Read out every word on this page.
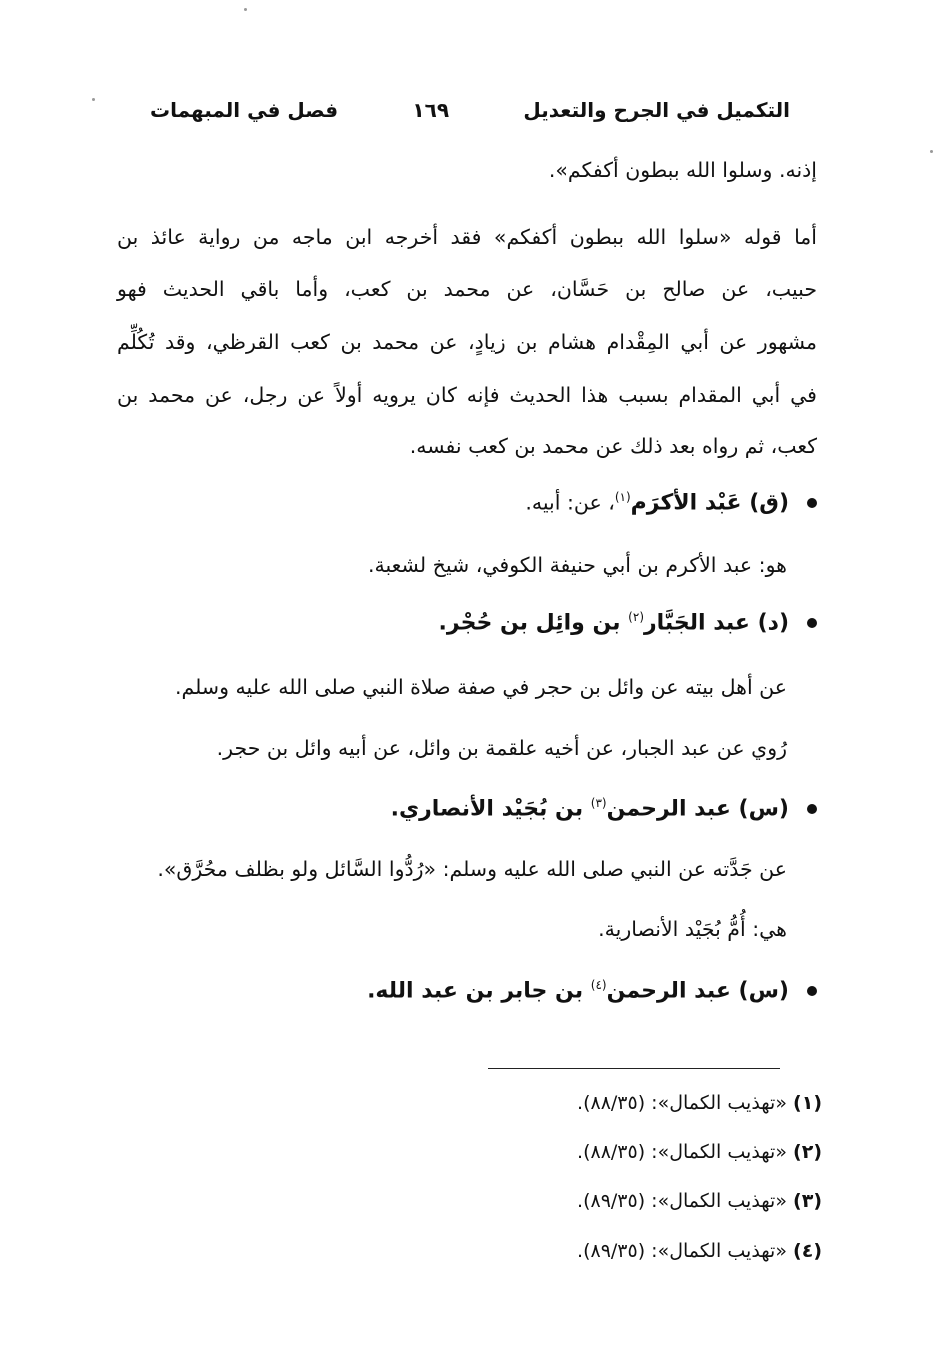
فصل في المبهمات	١٦٩	التكميل في الجرح والتعديل
إذنه. وسلوا الله ببطون أكفكم».
أما قوله «سلوا الله ببطون أكفكم» فقد أخرجه ابن ماجه من رواية عائذ بن
حبيب، عن صالح بن حَسَّان، عن محمد بن كعب، وأما باقي الحديث فهو
مشهور عن أبي المِقْدام هشام بن زيادٍ، عن محمد بن كعب القرظي، وقد تُكُلِّم
في أبي المقدام بسبب هذا الحديث فإنه كان يرويه أولاً عن رجل، عن محمد بن
كعب، ثم رواه بعد ذلك عن محمد بن كعب نفسه.
(ق) عَبْد الأكرَم$^{(١)}$، عن: أبيه.
هو: عبد الأكرم بن أبي حنيفة الكوفي، شيخ لشعبة.
(د) عبد الجَبَّار$^{(٢)}$ بن وائِل بن حُجْر.
عن أهل بيته عن وائل بن حجر في صفة صلاة النبي صلى الله عليه وسلم.
رُوي عن عبد الجبار، عن أخيه علقمة بن وائل، عن أبيه وائل بن حجر.
(س) عبد الرحمن$^{(٣)}$ بن بُجَيْد الأنصاري.
عن جَدَّته عن النبي صلى الله عليه وسلم: «رُدُّوا السَّائل ولو بظلف محُرَّق».
هي: أُمُّ بُجَيْد الأنصارية.
(س) عبد الرحمن$^{(٤)}$ بن جابر بن عبد الله.
(١) «تهذيب الكمال»: (٨٨/٣٥).
(٢) «تهذيب الكمال»: (٨٨/٣٥).
(٣) «تهذيب الكمال»: (٨٩/٣٥).
(٤) «تهذيب الكمال»: (٨٩/٣٥).
